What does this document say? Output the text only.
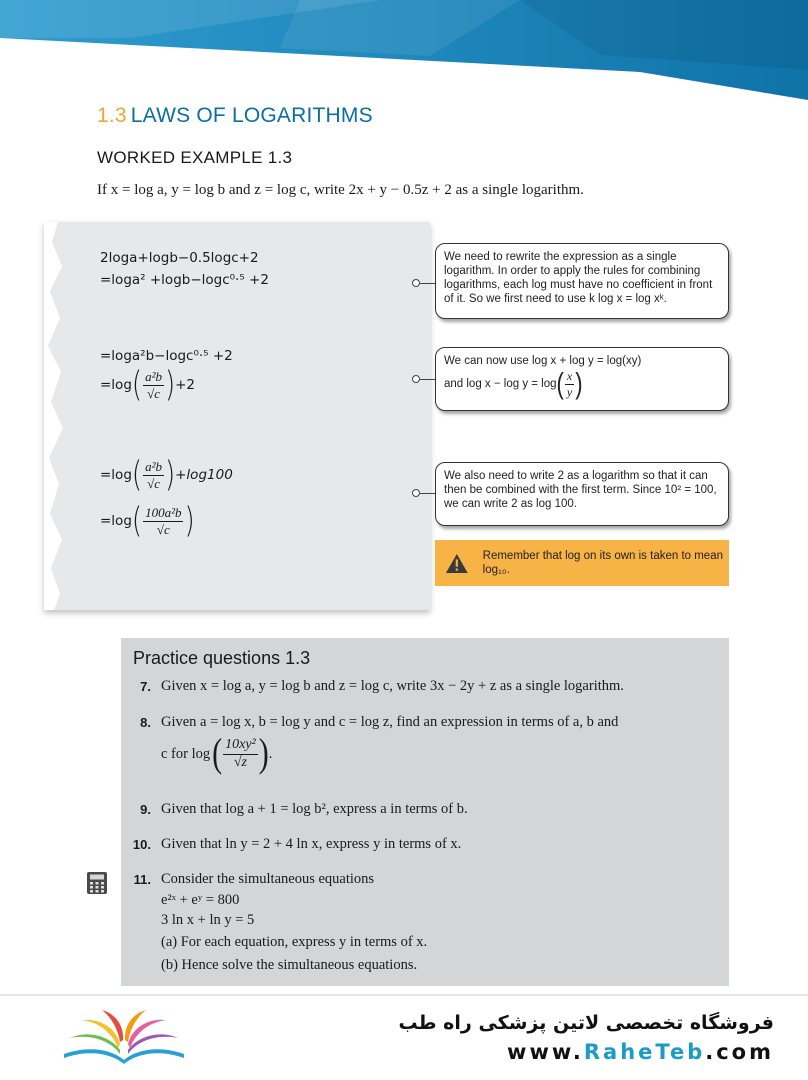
1.3 LAWS OF LOGARITHMS
WORKED EXAMPLE 1.3
If x = log a, y = log b and z = log c, write 2x + y − 0.5z + 2 as a single logarithm.
2loga+logb−0.5logc+2
=loga² +logb−logc⁰·⁵ +2
=loga²b−logc⁰·⁵ +2
=log ( $\frac{\text{a²b}}{√c}$ ) +2
=log ( $\frac{\text{a²b}}{√c}$ ) +log100
=log ( $\frac{\text{100a²b}}{√c}$ )
We need to rewrite the expression as a single logarithm. In order to apply the rules for combining logarithms, each log must have no coefficient in front of it. So we first need to use k log x = log xᵏ.
We can now use log x + log y = log(xy)
and log x − log y = log ( $\frac{x}{y}$ )
We also need to write 2 as a logarithm so that it can then be combined with the first term. Since 10² = 100, we can write 2 as log 100.
Remember that log on its own is taken to mean log₁₀.
Practice questions 1.3
7. Given x = log a, y = log b and z = log c, write 3x − 2y + z as a single logarithm.
8. Given a = log x, b = log y and c = log z, find an expression in terms of a, b and
c for log ( $\frac{\text{10xy²}}{√z}$ ) .
9. Given that log a + 1 = log b², express a in terms of b.
10. Given that ln y = 2 + 4 ln x, express y in terms of x.
11. Consider the simultaneous equations
e²ˣ + eʸ = 800
3 ln x + ln y = 5
(a) For each equation, express y in terms of x.
(b) Hence solve the simultaneous equations.
فروشگاه تخصصی لاتین پزشکی راه طب
www.RaheTeb.com
